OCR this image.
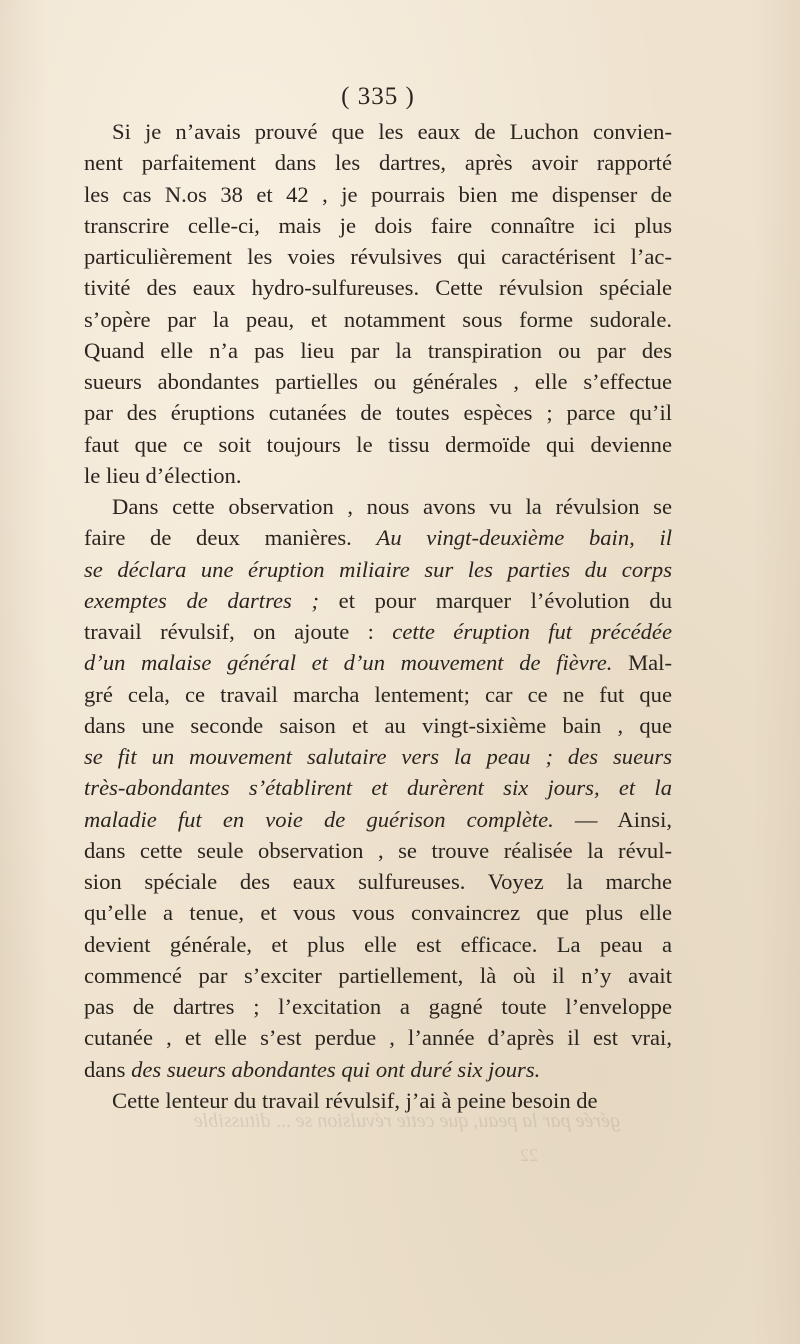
gérée par la peau, que cette révulsion se ... ditussible
22
( 335 )
Si je n’avais prouvé que les eaux de Luchon convien-
nent parfaitement dans les dartres, après avoir rapporté
les cas N.os 38 et 42 , je pourrais bien me dispenser de
transcrire celle-ci, mais je dois faire connaître ici plus
particulièrement les voies révulsives qui caractérisent l’ac-
tivité des eaux hydro-sulfureuses. Cette révulsion spéciale
s’opère par la peau, et notamment sous forme sudorale.
Quand elle n’a pas lieu par la transpiration ou par des
sueurs abondantes partielles ou générales , elle s’effectue
par des éruptions cutanées de toutes espèces ; parce qu’il
faut que ce soit toujours le tissu dermoïde qui devienne
le lieu d’élection.
Dans cette observation , nous avons vu la révulsion se
faire de deux manières. Au vingt-deuxième bain, il
se déclara une éruption miliaire sur les parties du corps
exemptes de dartres ; et pour marquer l’évolution du
travail révulsif, on ajoute : cette éruption fut précédée
d’un malaise général et d’un mouvement de fièvre. Mal-
gré cela, ce travail marcha lentement; car ce ne fut que
dans une seconde saison et au vingt-sixième bain , que
se fit un mouvement salutaire vers la peau ; des sueurs
très-abondantes s’établirent et durèrent six jours, et la
maladie fut en voie de guérison complète. — Ainsi,
dans cette seule observation , se trouve réalisée la révul-
sion spéciale des eaux sulfureuses. Voyez la marche
qu’elle a tenue, et vous vous convaincrez que plus elle
devient générale, et plus elle est efficace. La peau a
commencé par s’exciter partiellement, là où il n’y avait
pas de dartres ; l’excitation a gagné toute l’enveloppe
cutanée , et elle s’est perdue , l’année d’après il est vrai,
dans des sueurs abondantes qui ont duré six jours.
Cette lenteur du travail révulsif, j’ai à peine besoin de
